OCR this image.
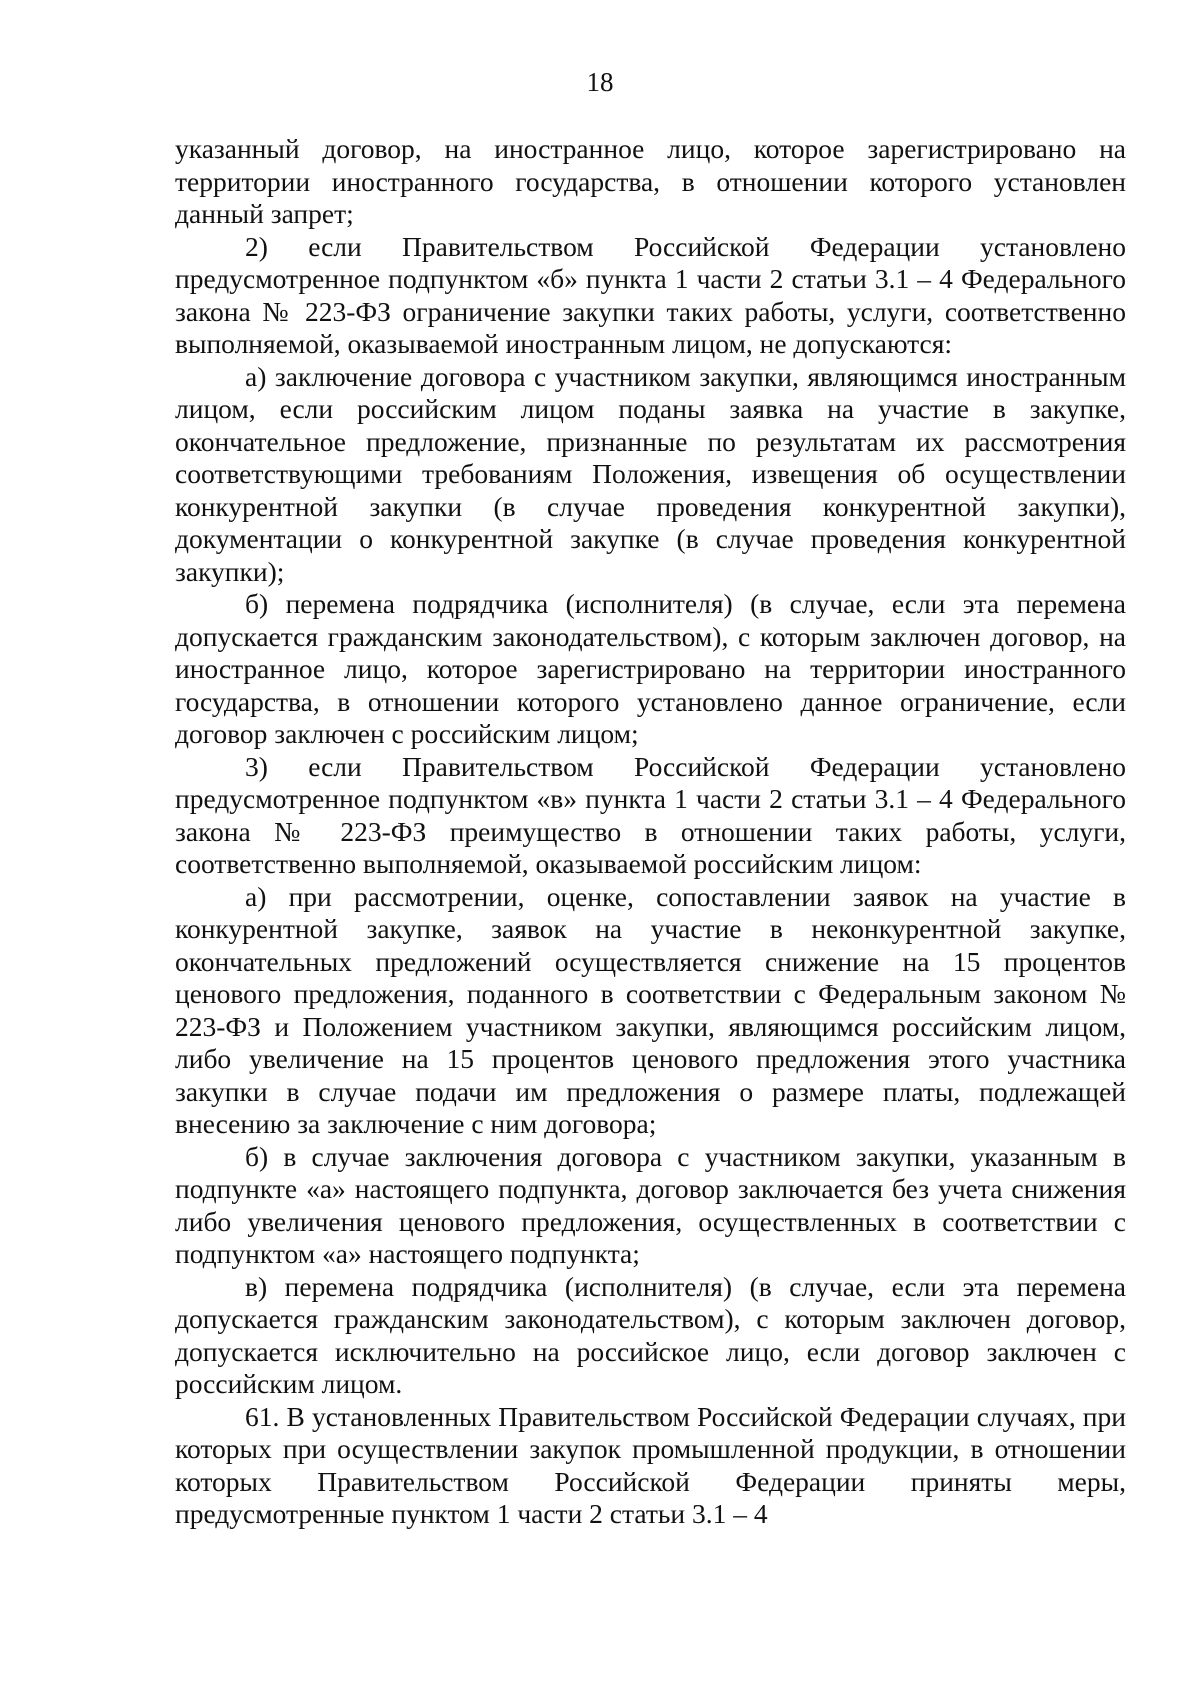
18

указанный договор, на иностранное лицо, которое зарегистрировано на территории иностранного государства, в отношении которого установлен данный запрет;

2) если Правительством Российской Федерации установлено предусмотренное подпунктом «б» пункта 1 части 2 статьи 3.1 – 4 Федерального закона № 223-ФЗ ограничение закупки таких работы, услуги, соответственно выполняемой, оказываемой иностранным лицом, не допускаются:

а) заключение договора с участником закупки, являющимся иностранным лицом, если российским лицом поданы заявка на участие в закупке, окончательное предложение, признанные по результатам их рассмотрения соответствующими требованиям Положения, извещения об осуществлении конкурентной закупки (в случае проведения конкурентной закупки), документации о конкурентной закупке (в случае проведения конкурентной закупки);

б) перемена подрядчика (исполнителя) (в случае, если эта перемена допускается гражданским законодательством), с которым заключен договор, на иностранное лицо, которое зарегистрировано на территории иностранного государства, в отношении которого установлено данное ограничение, если договор заключен с российским лицом;

3) если Правительством Российской Федерации установлено предусмотренное подпунктом «в» пункта 1 части 2 статьи 3.1 – 4 Федерального закона № 223-ФЗ преимущество в отношении таких работы, услуги, соответственно выполняемой, оказываемой российским лицом:

а) при рассмотрении, оценке, сопоставлении заявок на участие в конкурентной закупке, заявок на участие в неконкурентной закупке, окончательных предложений осуществляется снижение на 15 процентов ценового предложения, поданного в соответствии с Федеральным законом № 223-ФЗ и Положением участником закупки, являющимся российским лицом, либо увеличение на 15 процентов ценового предложения этого участника закупки в случае подачи им предложения о размере платы, подлежащей внесению за заключение с ним договора;

б) в случае заключения договора с участником закупки, указанным в подпункте «а» настоящего подпункта, договор заключается без учета снижения либо увеличения ценового предложения, осуществленных в соответствии с подпунктом «а» настоящего подпункта;

в) перемена подрядчика (исполнителя) (в случае, если эта перемена допускается гражданским законодательством), с которым заключен договор, допускается исключительно на российское лицо, если договор заключен с российским лицом.

61. В установленных Правительством Российской Федерации случаях, при которых при осуществлении закупок промышленной продукции, в отношении которых Правительством Российской Федерации приняты меры, предусмотренные пунктом 1 части 2 статьи 3.1 – 4
